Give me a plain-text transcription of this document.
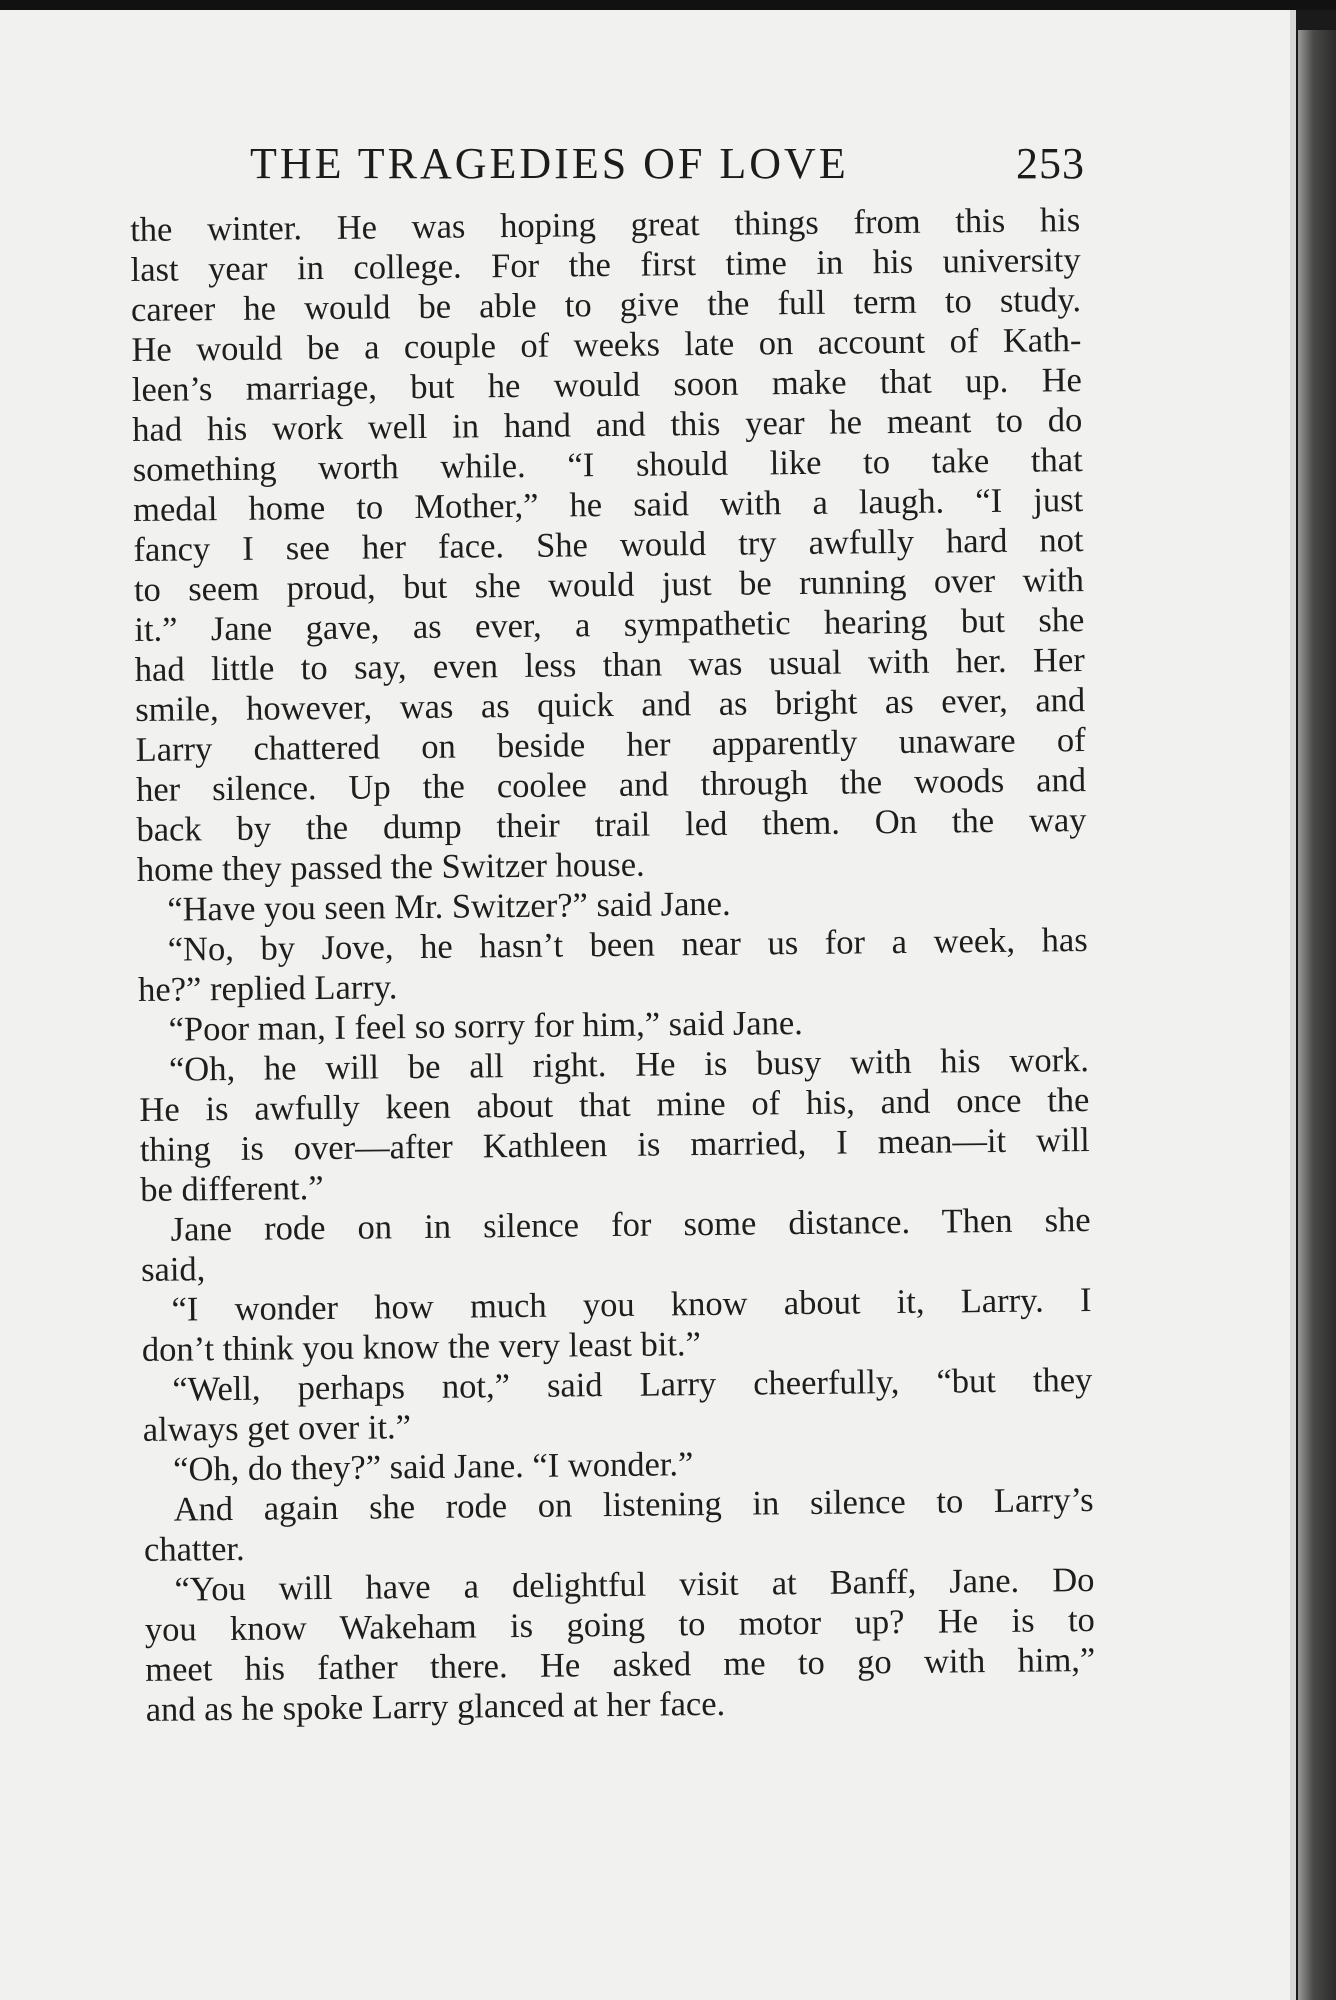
THE TRAGEDIES OF LOVE	253
the winter. He was hoping great things from this his
last year in college. For the first time in his university
career he would be able to give the full term to study.
He would be a couple of weeks late on account of Kath-
leen’s marriage, but he would soon make that up. He
had his work well in hand and this year he meant to do
something worth while. “I should like to take that
medal home to Mother,” he said with a laugh. “I just
fancy I see her face. She would try awfully hard not
to seem proud, but she would just be running over with
it.” Jane gave, as ever, a sympathetic hearing but she
had little to say, even less than was usual with her. Her
smile, however, was as quick and as bright as ever, and
Larry chattered on beside her apparently unaware of
her silence. Up the coolee and through the woods and
back by the dump their trail led them. On the way
home they passed the Switzer house.
“Have you seen Mr. Switzer?” said Jane.
“No, by Jove, he hasn’t been near us for a week, has
he?” replied Larry.
“Poor man, I feel so sorry for him,” said Jane.
“Oh, he will be all right. He is busy with his work.
He is awfully keen about that mine of his, and once the
thing is over—after Kathleen is married, I mean—it will
be different.”
Jane rode on in silence for some distance. Then she
said,
“I wonder how much you know about it, Larry. I
don’t think you know the very least bit.”
“Well, perhaps not,” said Larry cheerfully, “but they
always get over it.”
“Oh, do they?” said Jane. “I wonder.”
And again she rode on listening in silence to Larry’s
chatter.
“You will have a delightful visit at Banff, Jane. Do
you know Wakeham is going to motor up? He is to
meet his father there. He asked me to go with him,”
and as he spoke Larry glanced at her face.
